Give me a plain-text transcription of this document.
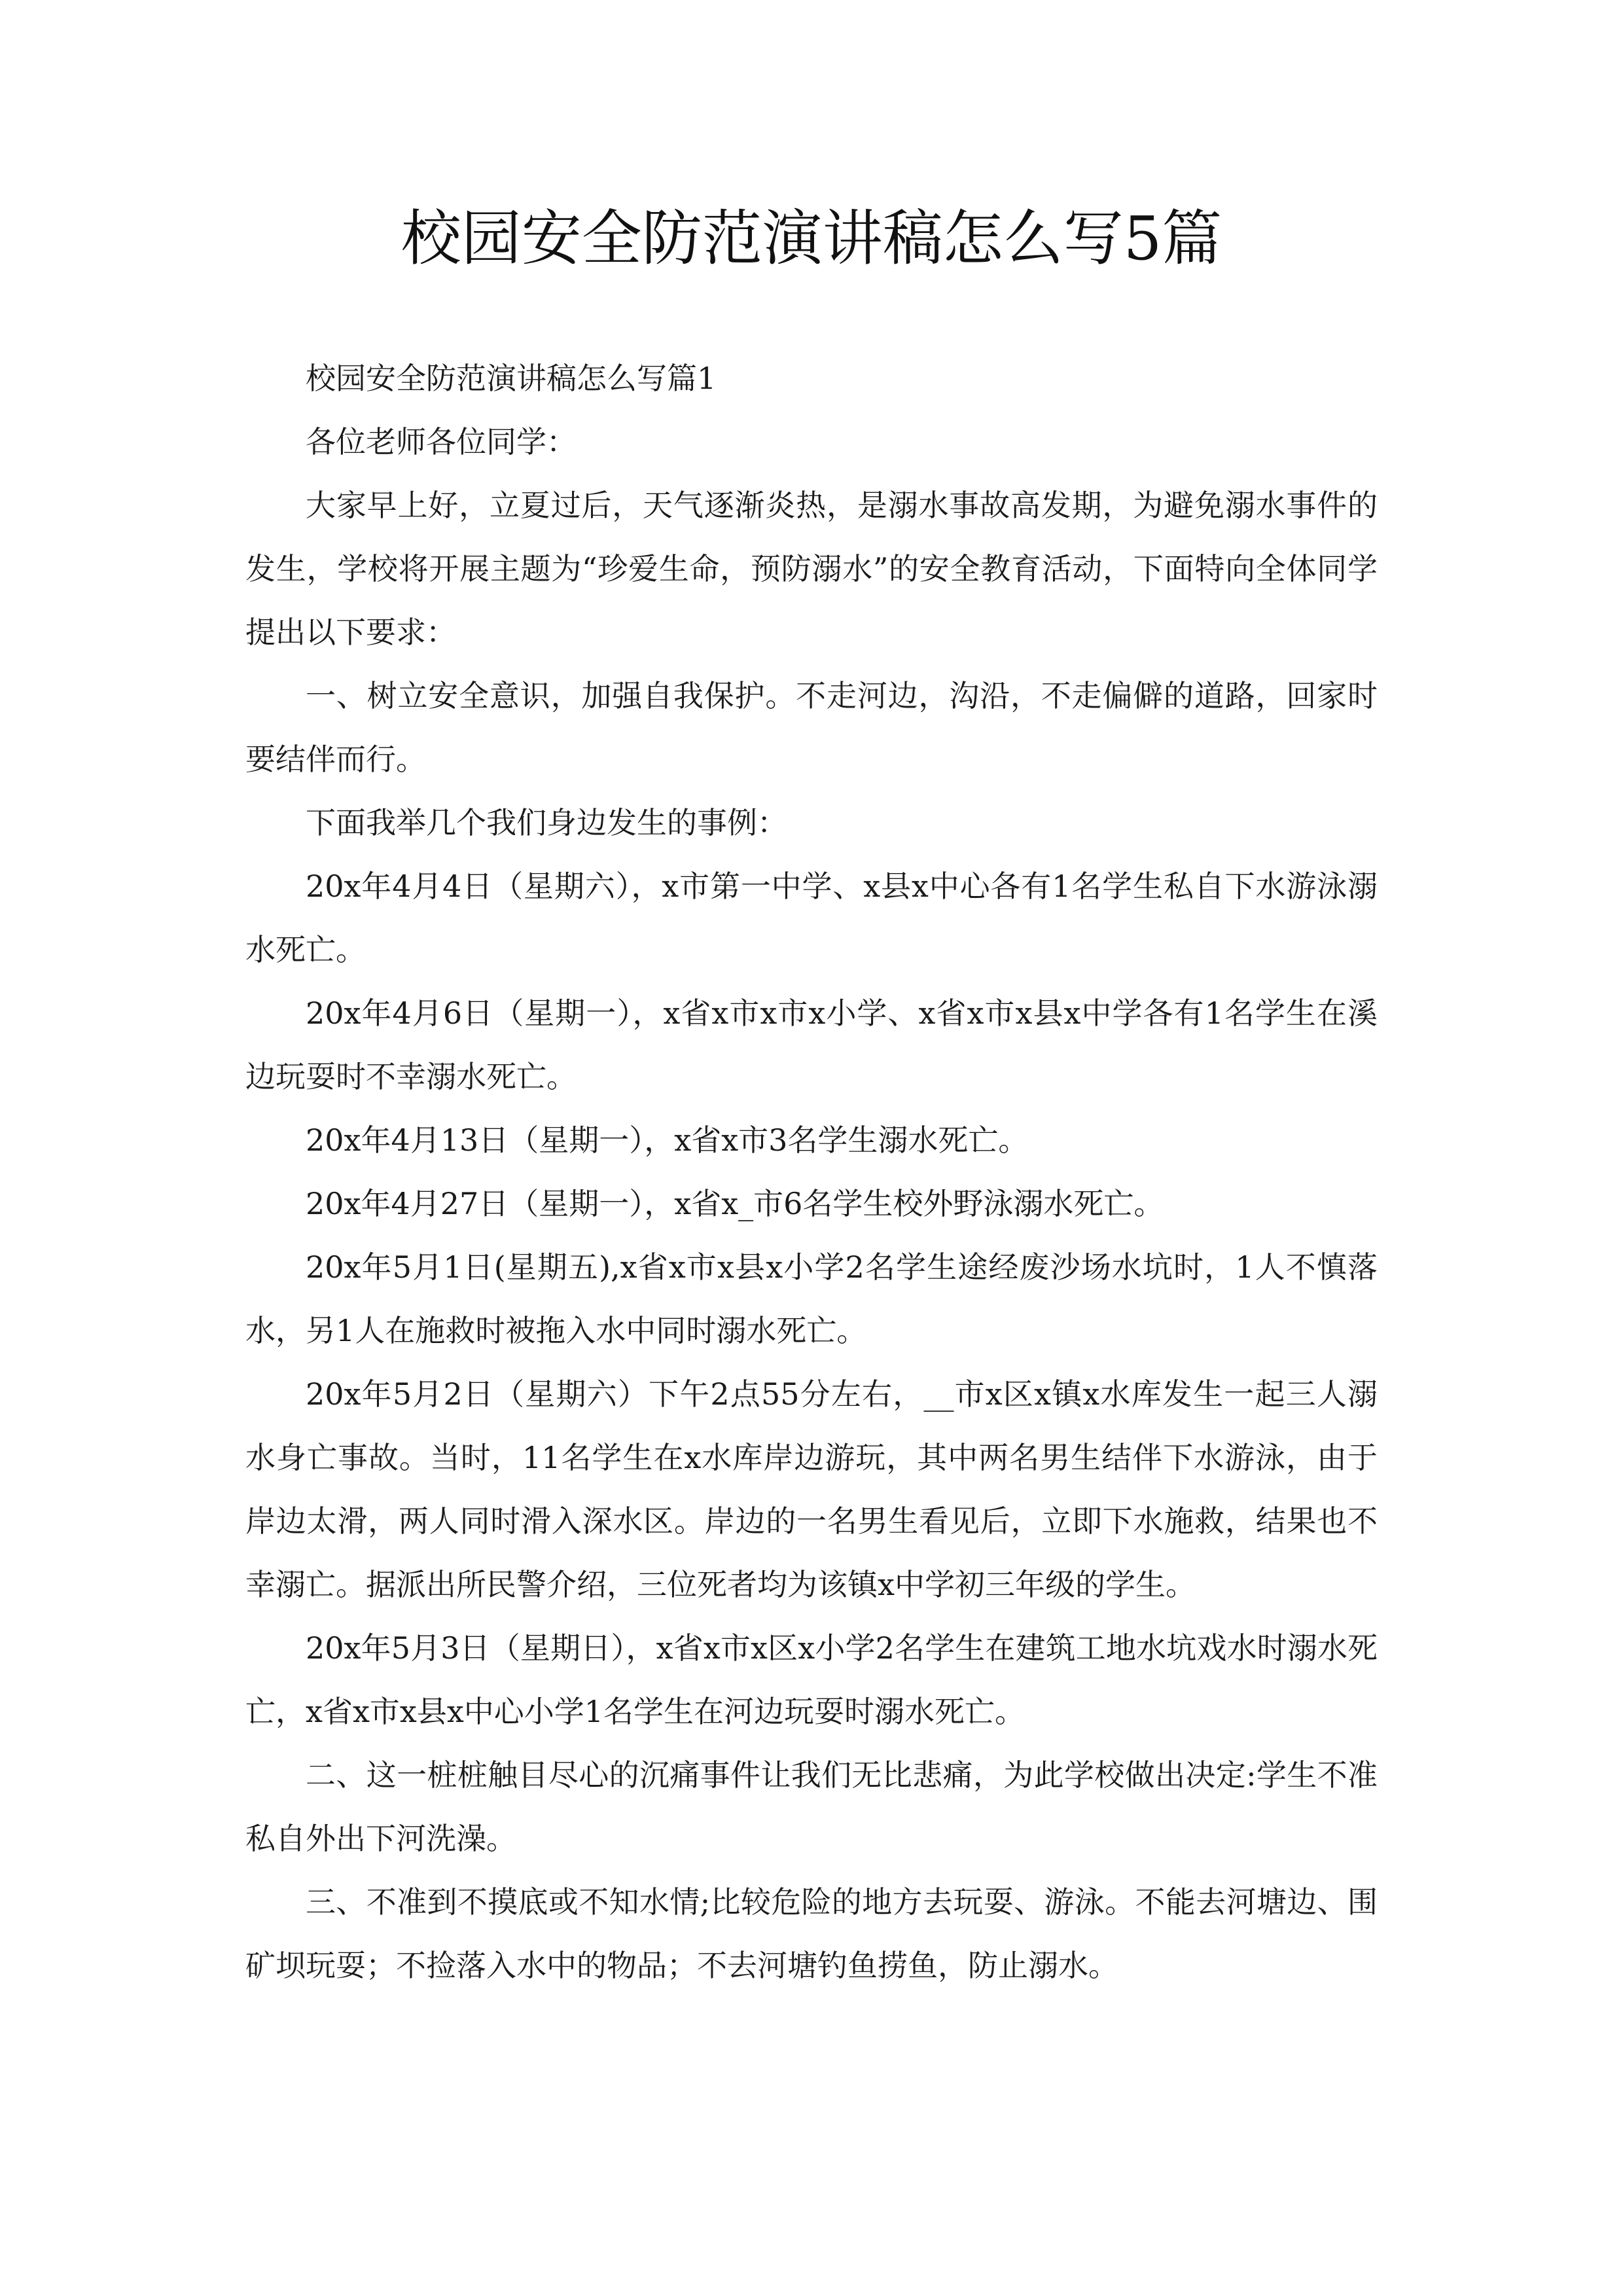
校园安全防范演讲稿怎么写5篇

校园安全防范演讲稿怎么写篇1

各位老师各位同学：

大家早上好，立夏过后，天气逐渐炎热，是溺水事故高发期，为避免溺水事件的发生，学校将开展主题为“珍爱生命，预防溺水”的安全教育活动，下面特向全体同学提出以下要求：

一、树立安全意识，加强自我保护。不走河边，沟沿，不走偏僻的道路，回家时要结伴而行。

下面我举几个我们身边发生的事例：

20x年4月4日（星期六），x市第一中学、x县x中心各有1名学生私自下水游泳溺水死亡。

20x年4月6日（星期一），x省x市x市x小学、x省x市x县x中学各有1名学生在溪边玩耍时不幸溺水死亡。

20x年4月13日（星期一），x省x市3名学生溺水死亡。

20x年4月27日（星期一），x省x_市6名学生校外野泳溺水死亡。

20x年5月1日(星期五),x省x市x县x小学2名学生途经废沙场水坑时，1人不慎落水，另1人在施救时被拖入水中同时溺水死亡。

20x年5月2日（星期六）下午2点55分左右，__市x区x镇x水库发生一起三人溺水身亡事故。当时，11名学生在x水库岸边游玩，其中两名男生结伴下水游泳，由于岸边太滑，两人同时滑入深水区。岸边的一名男生看见后，立即下水施救，结果也不幸溺亡。据派出所民警介绍，三位死者均为该镇x中学初三年级的学生。

20x年5月3日（星期日），x省x市x区x小学2名学生在建筑工地水坑戏水时溺水死亡，x省x市x县x中心小学1名学生在河边玩耍时溺水死亡。

二、这一桩桩触目尽心的沉痛事件让我们无比悲痛，为此学校做出决定:学生不准私自外出下河洗澡。

三、不准到不摸底或不知水情;比较危险的地方去玩耍、游泳。不能去河塘边、围矿坝玩耍；不捡落入水中的物品；不去河塘钓鱼捞鱼，防止溺水。
